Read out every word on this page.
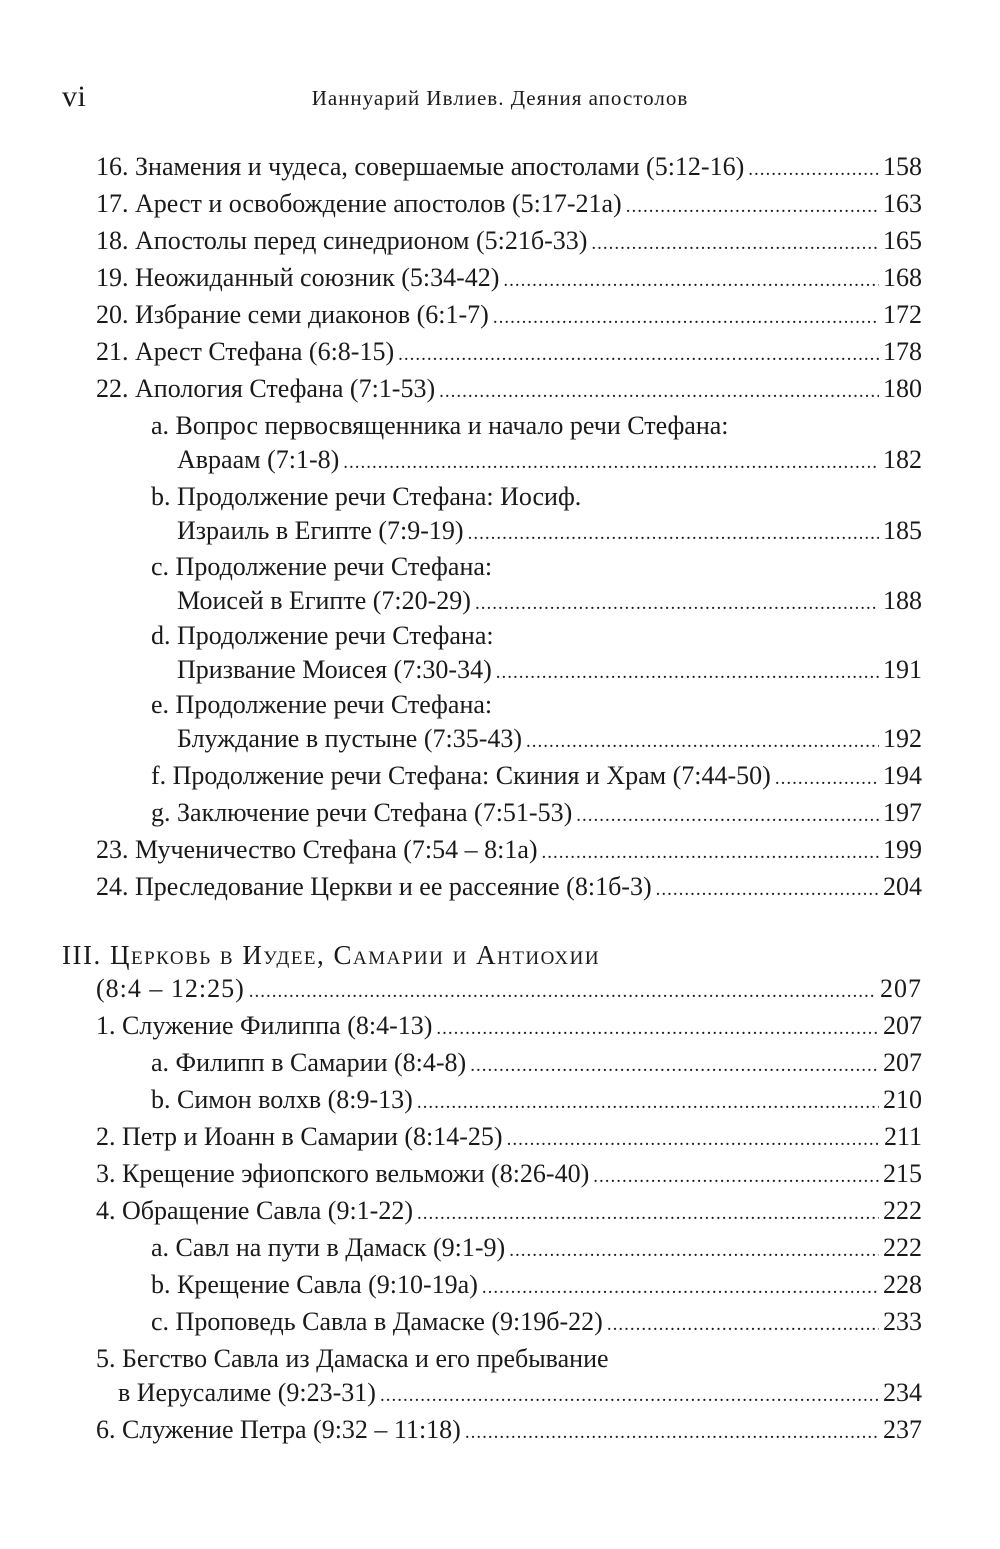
vi	Ианнуарий Ивлиев. Деяния апостолов
16. Знамения и чудеса, совершаемые апостолами (5:12-16) .....	158
17. Арест и освобождение апостолов (5:17-21а) .....	163
18. Апостолы перед синедрионом (5:21б-33) .....	165
19. Неожиданный союзник (5:34-42) .....	168
20. Избрание семи диаконов (6:1-7) .....	172
21. Арест Стефана (6:8-15) .....	178
22. Апология Стефана (7:1-53) .....	180
а. Вопрос первосвященника и начало речи Стефана:
Авраам (7:1-8) .....	182
b. Продолжение речи Стефана: Иосиф.
Израиль в Египте (7:9-19) .....	185
с. Продолжение речи Стефана:
Моисей в Египте (7:20-29) .....	188
d. Продолжение речи Стефана:
Призвание Моисея (7:30-34) .....	191
е. Продолжение речи Стефана:
Блуждание в пустыне (7:35-43) .....	192
f. Продолжение речи Стефана: Скиния и Храм (7:44-50) .....	194
g. Заключение речи Стефана (7:51-53) .....	197
23. Мученичество Стефана (7:54 – 8:1а) .....	199
24. Преследование Церкви и ее рассеяние (8:1б-3) .....	204
III. Церковь в Иудее, Самарии и Антиохии
(8:4 – 12:25) .....	207
1. Служение Филиппа (8:4-13) .....	207
а. Филипп в Самарии (8:4-8) .....	207
b. Симон волхв (8:9-13) .....	210
2. Петр и Иоанн в Самарии (8:14-25) .....	211
3. Крещение эфиопского вельможи (8:26-40) .....	215
4. Обращение Савла (9:1-22) .....	222
а. Савл на пути в Дамаск (9:1-9) .....	222
b. Крещение Савла (9:10-19а) .....	228
с. Проповедь Савла в Дамаске (9:19б-22) .....	233
5. Бегство Савла из Дамаска и его пребывание
в Иерусалиме (9:23-31) .....	234
6. Служение Петра (9:32 – 11:18) .....	237
